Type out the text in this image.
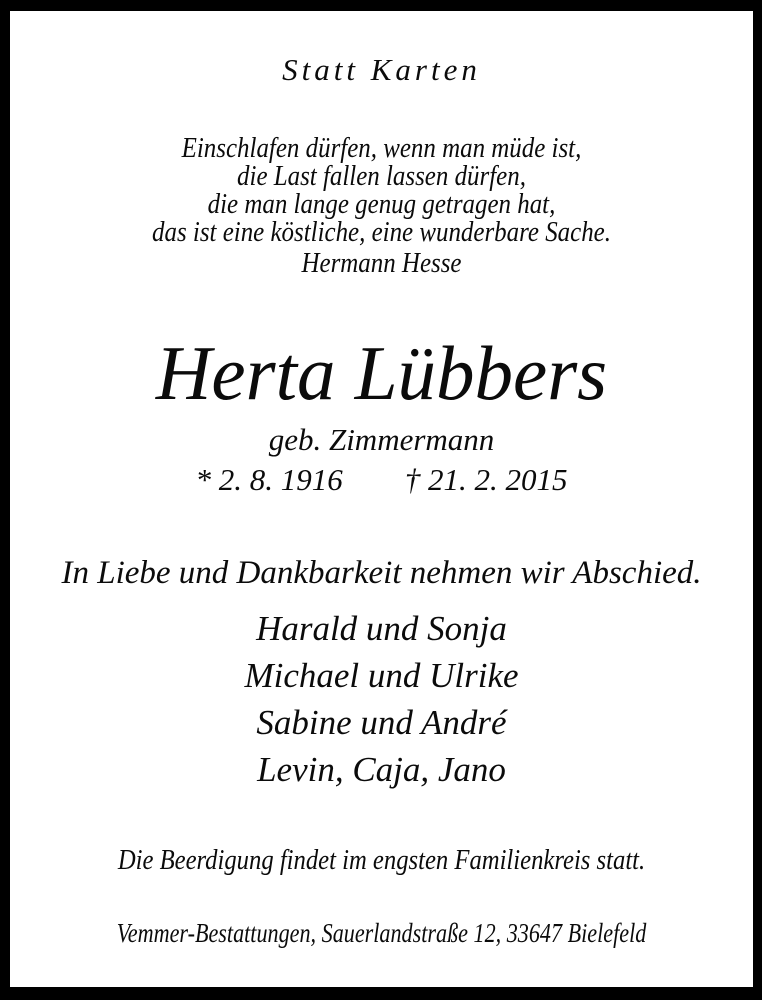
Statt Karten
Einschlafen dürfen, wenn man müde ist,
die Last fallen lassen dürfen,
die man lange genug getragen hat,
das ist eine köstliche, eine wunderbare Sache.
Hermann Hesse
Herta Lübbers
geb. Zimmermann
* 2. 8. 1916 † 21. 2. 2015
In Liebe und Dankbarkeit nehmen wir Abschied.
Harald und Sonja
Michael und Ulrike
Sabine und André
Levin, Caja, Jano
Die Beerdigung findet im engsten Familienkreis statt.
Vemmer-Bestattungen, Sauerlandstraße 12, 33647 Bielefeld
